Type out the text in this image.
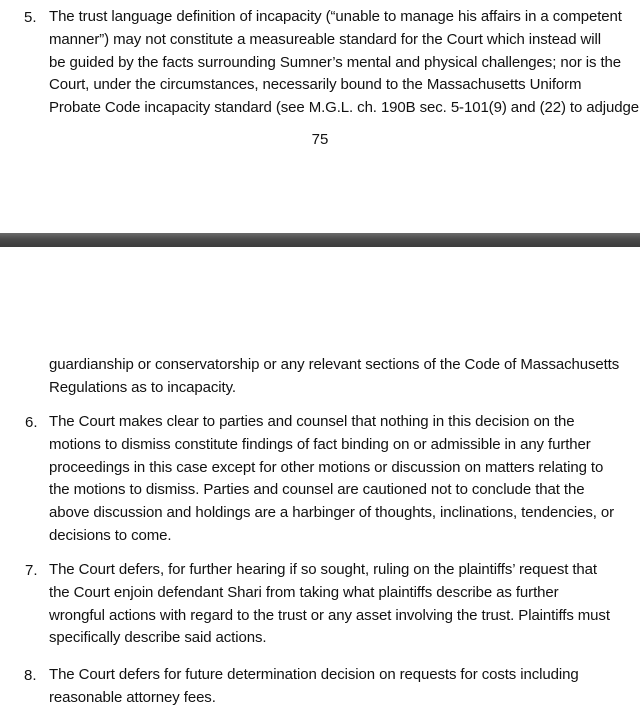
5. The trust language definition of incapacity (“unable to manage his affairs in a competent
manner”) may not constitute a measureable standard for the Court which instead will
be guided by the facts surrounding Sumner’s mental and physical challenges; nor is the
Court, under the circumstances, necessarily bound to the Massachusetts Uniform
Probate Code incapacity standard (see M.G.L. ch. 190B sec. 5-101(9) and (22) to adjudge
75
guardianship or conservatorship or any relevant sections of the Code of Massachusetts
Regulations as to incapacity.
6. The Court makes clear to parties and counsel that nothing in this decision on the
motions to dismiss constitute findings of fact binding on or admissible in any further
proceedings in this case except for other motions or discussion on matters relating to
the motions to dismiss. Parties and counsel are cautioned not to conclude that the
above discussion and holdings are a harbinger of thoughts, inclinations, tendencies, or
decisions to come.
7. The Court defers, for further hearing if so sought, ruling on the plaintiffs’ request that
the Court enjoin defendant Shari from taking what plaintiffs describe as further
wrongful actions with regard to the trust or any asset involving the trust. Plaintiffs must
specifically describe said actions.
8. The Court defers for future determination decision on requests for costs including
reasonable attorney fees.
